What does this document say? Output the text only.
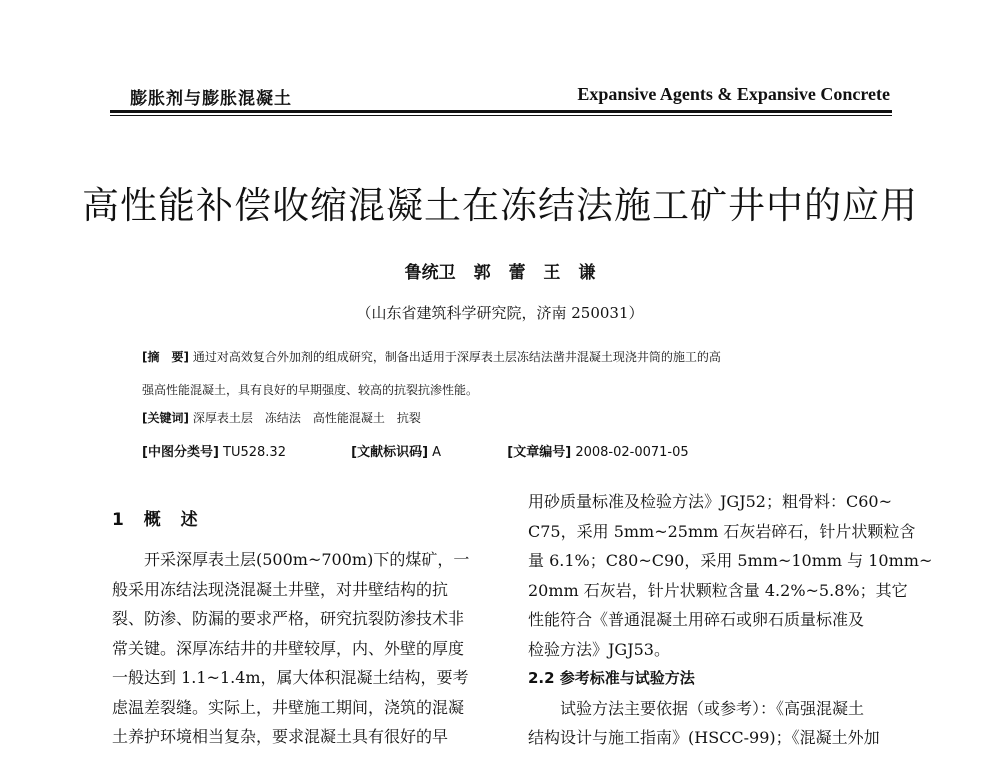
膨胀剂与膨胀混凝土	Expansive Agents & Expansive Concrete
高性能补偿收缩混凝土在冻结法施工矿井中的应用
鲁统卫 郭 蕾 王 谦
（山东省建筑科学研究院，济南 250031）
[摘　要] 通过对高效复合外加剂的组成研究，制备出适用于深厚表土层冻结法凿井混凝土现浇井筒的施工的高
强高性能混凝土，具有良好的早期强度、较高的抗裂抗渗性能。
[关键词] 深厚表土层　冻结法　高性能混凝土　抗裂
[中图分类号] TU528.32	[文献标识码] A	[文章编号] 2008-02-0071-05
1 概 述
开采深厚表土层(500m~700m)下的煤矿，一
般采用冻结法现浇混凝土井壁，对井壁结构的抗
裂、防渗、防漏的要求严格，研究抗裂防渗技术非
常关键。深厚冻结井的井壁较厚，内、外壁的厚度
一般达到 1.1~1.4m，属大体积混凝土结构，要考
虑温差裂缝。实际上，井壁施工期间，浇筑的混凝
土养护环境相当复杂，要求混凝土具有很好的早
用砂质量标准及检验方法》JGJ52；粗骨料：C60~
C75，采用 5mm~25mm 石灰岩碎石，针片状颗粒含
量 6.1%；C80~C90，采用 5mm~10mm 与 10mm~
20mm 石灰岩，针片状颗粒含量 4.2%~5.8%；其它
性能符合《普通混凝土用碎石或卵石质量标准及
检验方法》JGJ53。
2.2 参考标准与试验方法
试验方法主要依据（或参考）：《高强混凝土
结构设计与施工指南》(HSCC-99)；《混凝土外加
